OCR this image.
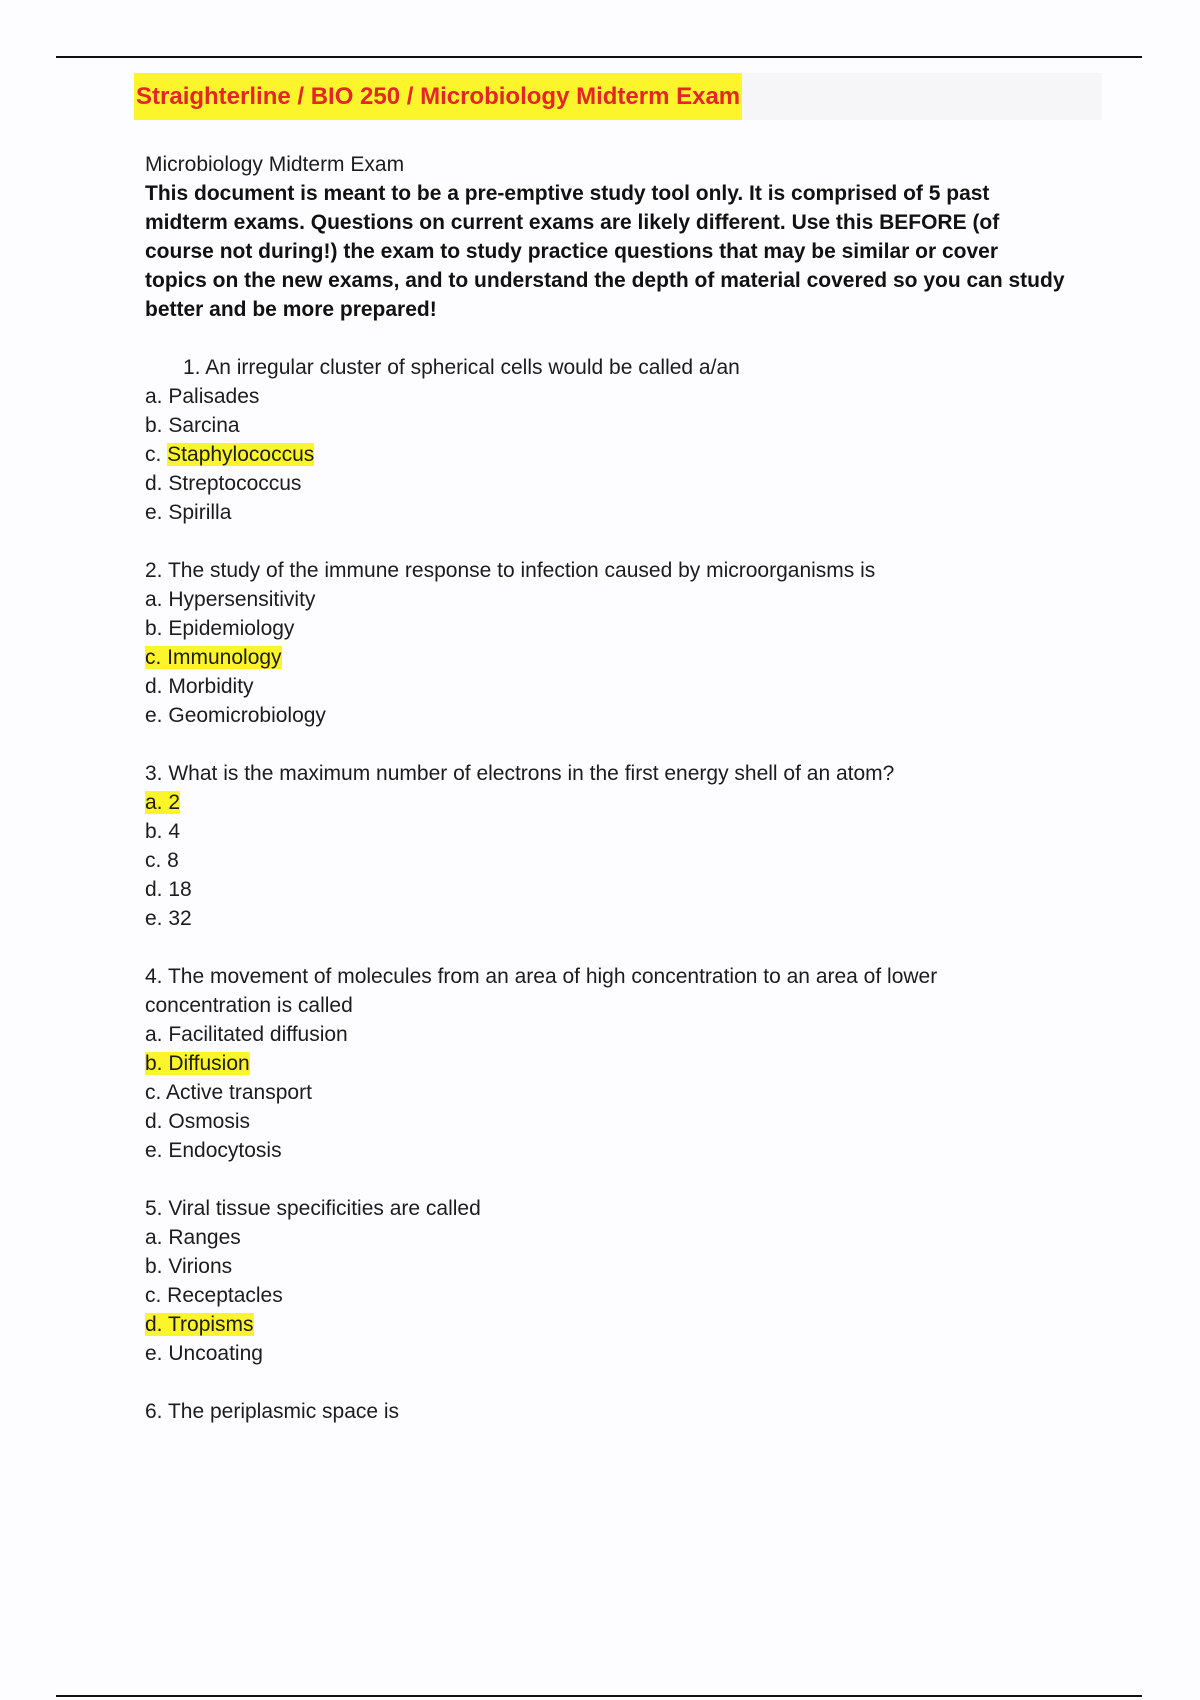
Straighterline / BIO 250 / Microbiology Midterm Exam

Microbiology Midterm Exam

This document is meant to be a pre-emptive study tool only. It is comprised of 5 past midterm exams. Questions on current exams are likely different. Use this BEFORE (of course not during!) the exam to study practice questions that may be similar or cover topics on the new exams, and to understand the depth of material covered so you can study better and be more prepared!

1. An irregular cluster of spherical cells would be called a/an

a. Palisades
b. Sarcina
c. Staphylococcus
d. Streptococcus
e. Spirilla

2. The study of the immune response to infection caused by microorganisms is

a. Hypersensitivity
b. Epidemiology
c. Immunology
d. Morbidity
e. Geomicrobiology

3. What is the maximum number of electrons in the first energy shell of an atom?

a. 2
b. 4
c. 8
d. 18
e. 32

4. The movement of molecules from an area of high concentration to an area of lower concentration is called

a. Facilitated diffusion
b. Diffusion
c. Active transport
d. Osmosis
e. Endocytosis

5. Viral tissue specificities are called

a. Ranges
b. Virions
c. Receptacles
d. Tropisms
e. Uncoating

6. The periplasmic space is
